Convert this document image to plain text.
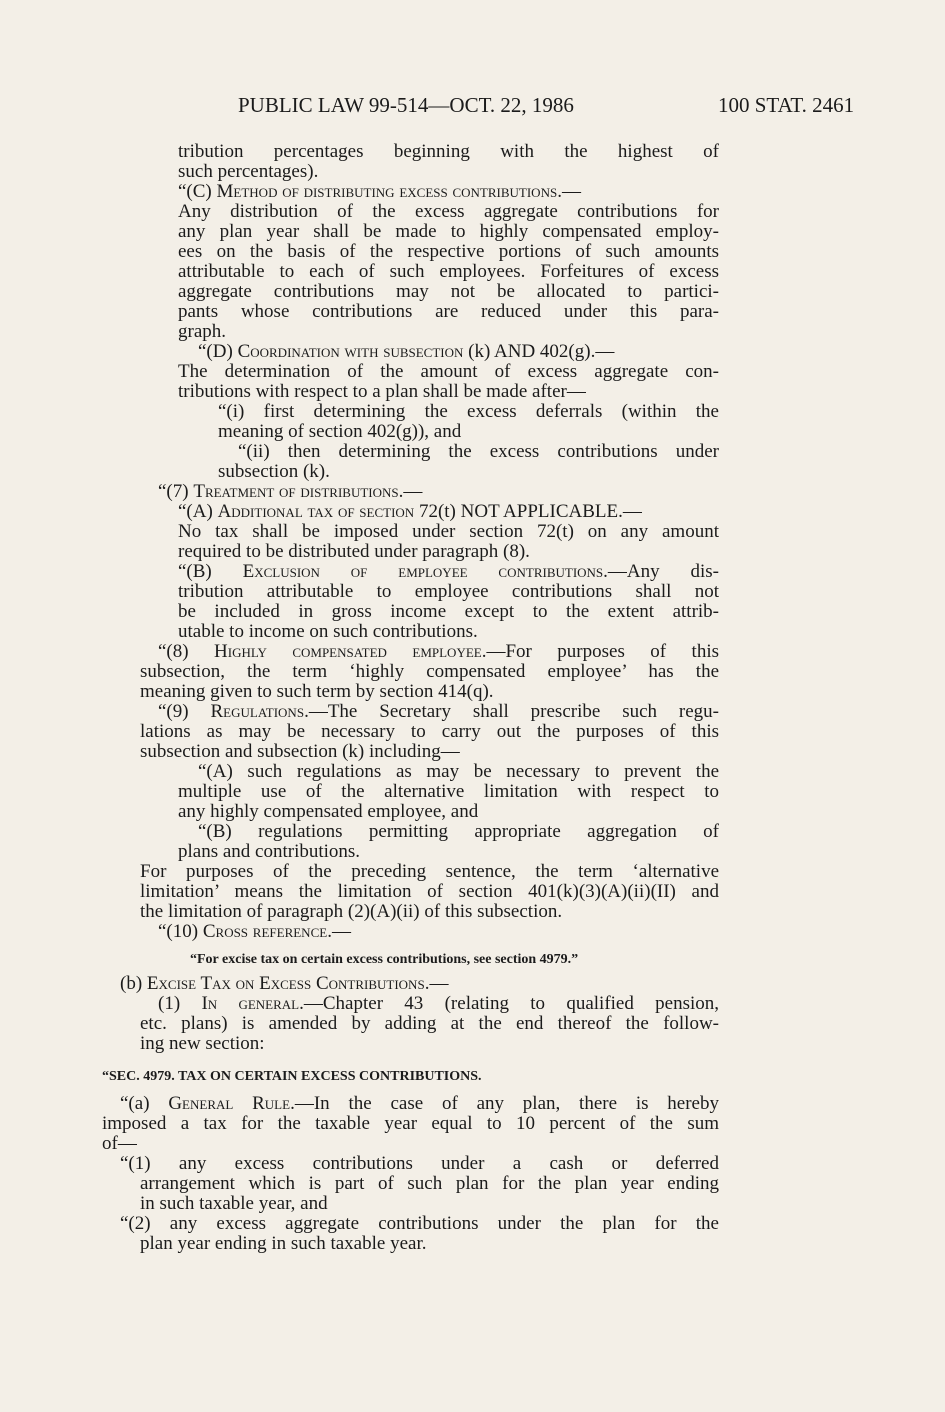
PUBLIC LAW 99-514—OCT. 22, 1986	100 STAT. 2461
tribution percentages beginning with the highest of
such percentages).
“(C) Method of distributing excess contributions.—
Any distribution of the excess aggregate contributions for
any plan year shall be made to highly compensated employ-
ees on the basis of the respective portions of such amounts
attributable to each of such employees. Forfeitures of excess
aggregate contributions may not be allocated to partici-
pants whose contributions are reduced under this para-
graph.
“(D) Coordination with subsection (k) AND 402(g).—
The determination of the amount of excess aggregate con-
tributions with respect to a plan shall be made after—
“(i) first determining the excess deferrals (within the
meaning of section 402(g)), and
“(ii) then determining the excess contributions under
subsection (k).
“(7) Treatment of distributions.—
“(A) Additional tax of section 72(t) NOT APPLICABLE.—
No tax shall be imposed under section 72(t) on any amount
required to be distributed under paragraph (8).
“(B) Exclusion of employee contributions.—Any dis-
tribution attributable to employee contributions shall not
be included in gross income except to the extent attrib-
utable to income on such contributions.
“(8) Highly compensated employee.—For purposes of this
subsection, the term ‘highly compensated employee’ has the
meaning given to such term by section 414(q).
“(9) Regulations.—The Secretary shall prescribe such regu-
lations as may be necessary to carry out the purposes of this
subsection and subsection (k) including—
“(A) such regulations as may be necessary to prevent the
multiple use of the alternative limitation with respect to
any highly compensated employee, and
“(B) regulations permitting appropriate aggregation of
plans and contributions.
For purposes of the preceding sentence, the term ‘alternative
limitation’ means the limitation of section 401(k)(3)(A)(ii)(II) and
the limitation of paragraph (2)(A)(ii) of this subsection.
“(10) Cross reference.—
“For excise tax on certain excess contributions, see section 4979.”
(b) Excise Tax on Excess Contributions.—
(1) In general.—Chapter 43 (relating to qualified pension,
etc. plans) is amended by adding at the end thereof the follow-
ing new section:
“SEC. 4979. TAX ON CERTAIN EXCESS CONTRIBUTIONS.
“(a) General Rule.—In the case of any plan, there is hereby
imposed a tax for the taxable year equal to 10 percent of the sum
of—
“(1) any excess contributions under a cash or deferred
arrangement which is part of such plan for the plan year ending
in such taxable year, and
“(2) any excess aggregate contributions under the plan for the
plan year ending in such taxable year.
